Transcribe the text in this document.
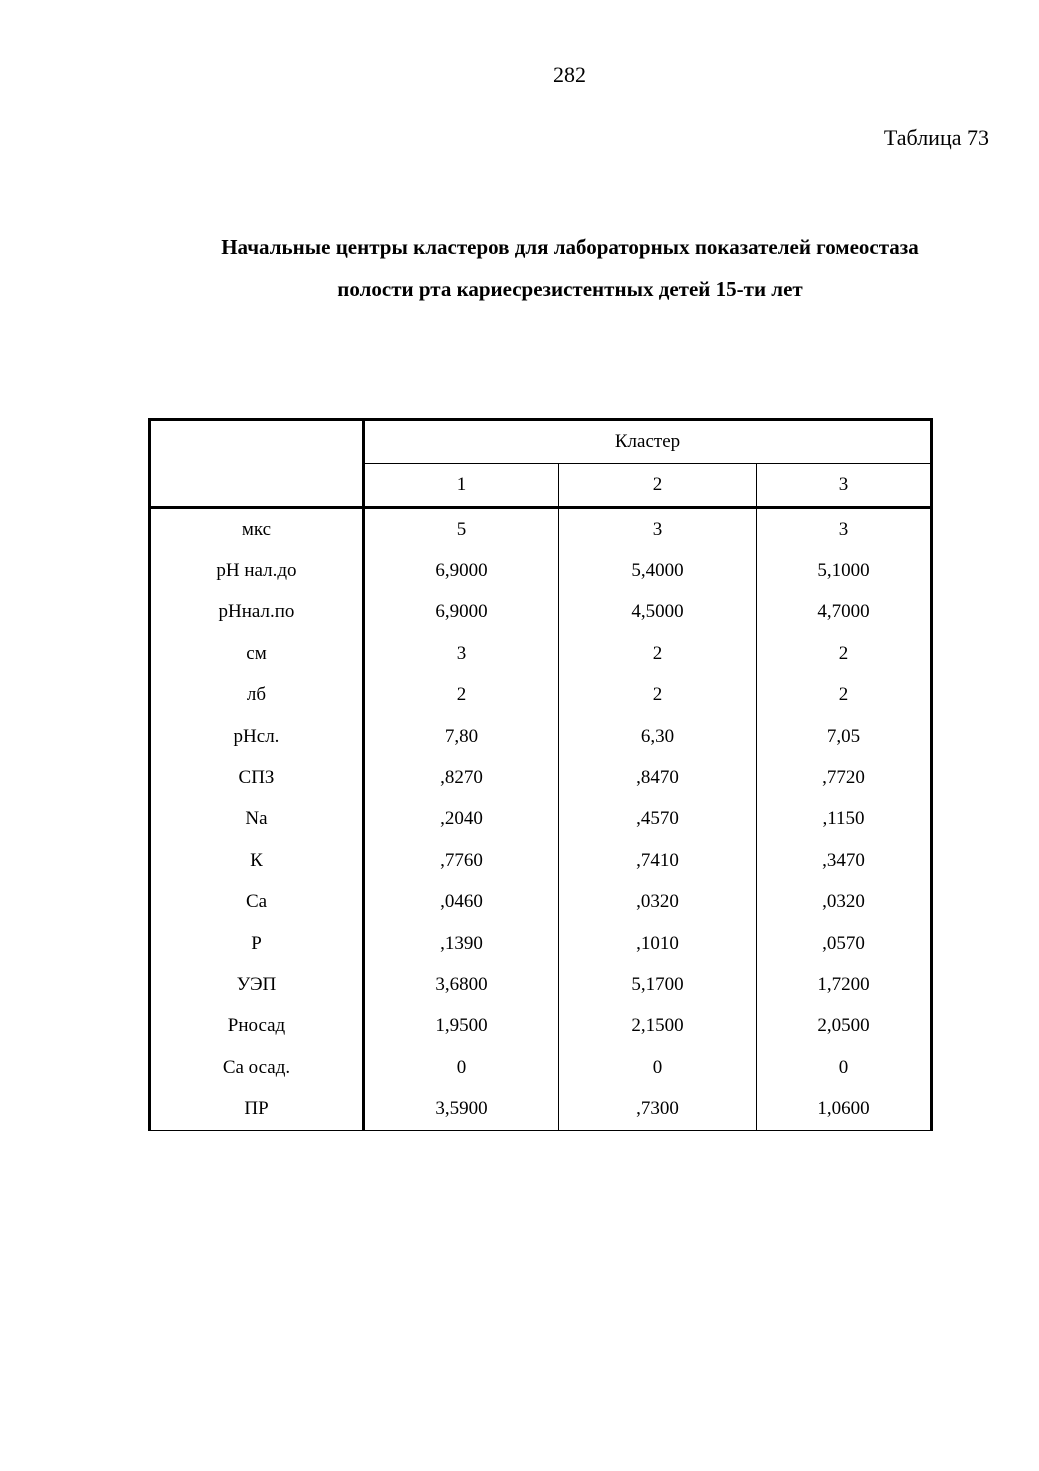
282
Таблица 73
Начальные центры кластеров для лабораторных показателей гомеостаза
полости рта кариесрезистентных детей 15-ти лет
	Кластер		
	1	2	3
мкс	5	3	3
рН нал.до	6,9000	5,4000	5,1000
рНнал.по	6,9000	4,5000	4,7000
см	3	2	2
лб	2	2	2
рНсл.	7,80	6,30	7,05
СПЗ	,8270	,8470	,7720
Na	,2040	,4570	,1150
К	,7760	,7410	,3470
Са	,0460	,0320	,0320
Р	,1390	,1010	,0570
УЭП	3,6800	5,1700	1,7200
Рносад	1,9500	2,1500	2,0500
Са осад.	0	0	0
ПР	3,5900	,7300	1,0600
